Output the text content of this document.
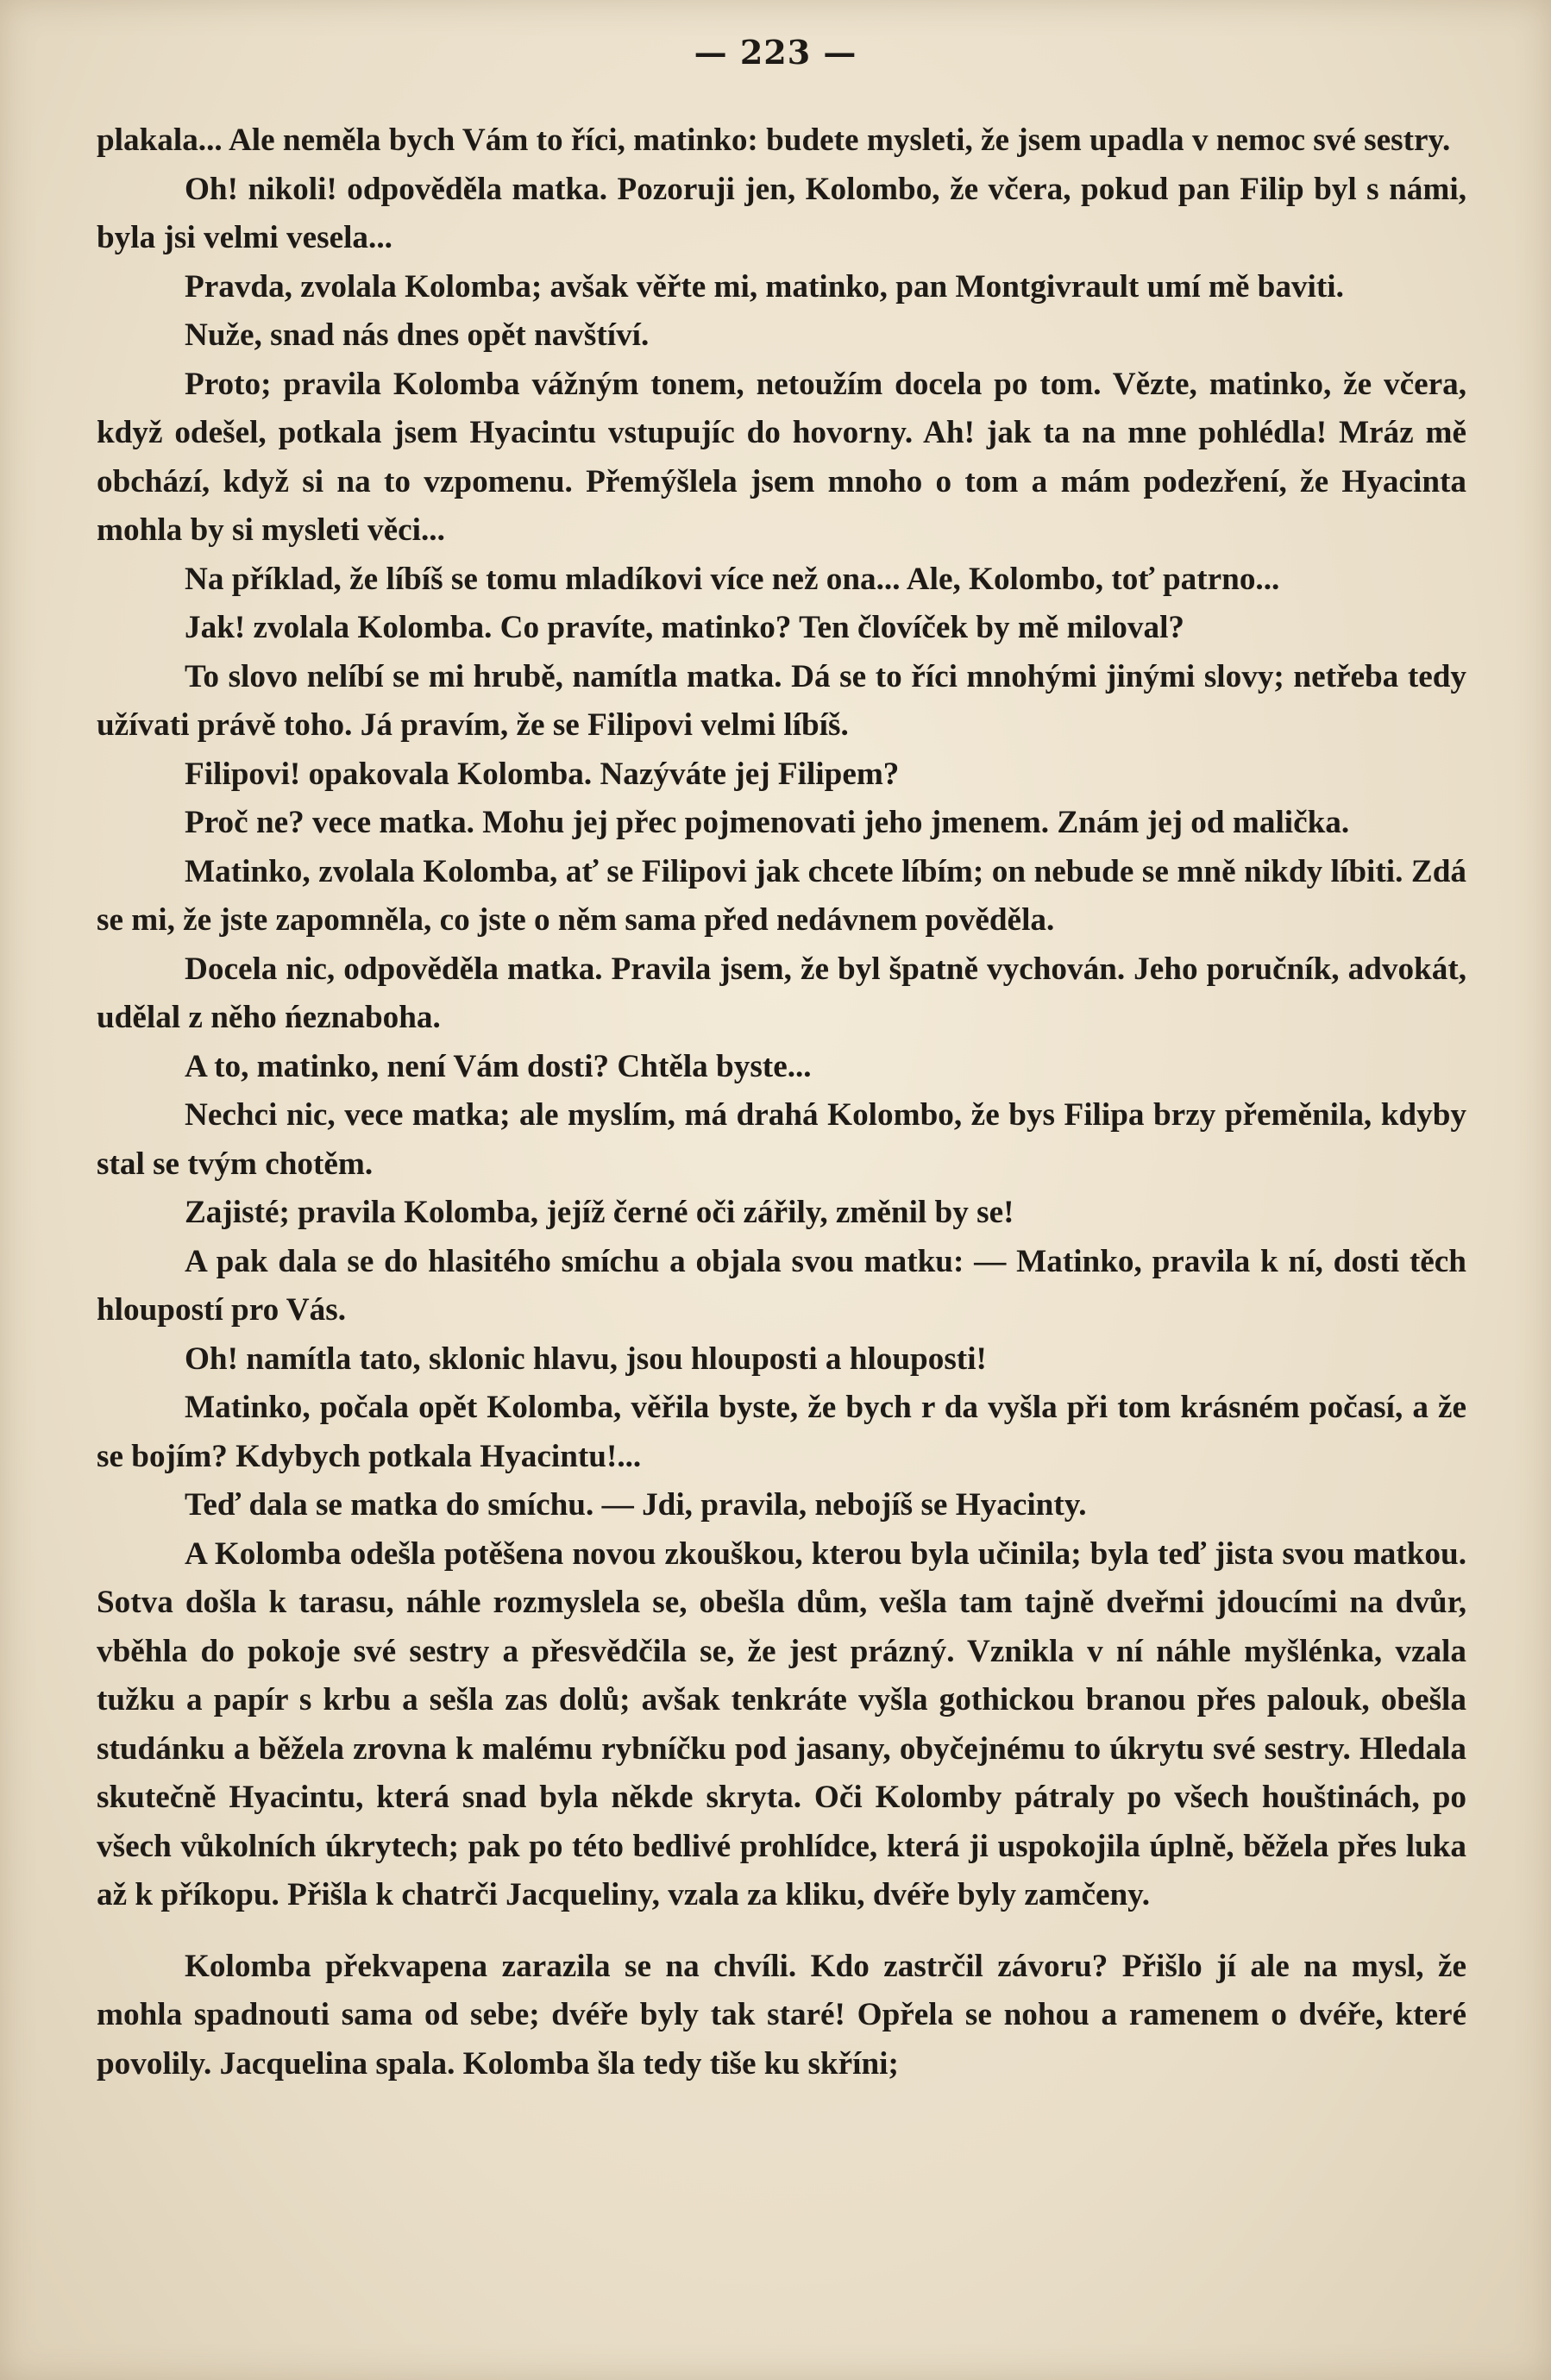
— 223 —

plakala... Ale neměla bych Vám to říci, matinko: budete mysleti, že jsem upadla v nemoc své sestry.

Oh! nikoli! odpověděla matka. Pozoruji jen, Kolombo, že včera, pokud pan Filip byl s námi, byla jsi velmi vesela...

Pravda, zvolala Kolomba; avšak věřte mi, matinko, pan Montgivrault umí mě baviti.

Nuže, snad nás dnes opět navštíví.

Proto; pravila Kolomba vážným tonem, netoužím docela po tom. Vězte, matinko, že včera, když odešel, potkala jsem Hyacintu vstupujíc do hovorny. Ah! jak ta na mne pohlédla! Mráz mě obchází, když si na to vzpomenu. Přemýšlela jsem mnoho o tom a mám podezření, že Hyacinta mohla by si mysleti věci...

Na příklad, že líbíš se tomu mladíkovi více než ona... Ale, Kolombo, toť patrno...

Jak! zvolala Kolomba. Co pravíte, matinko? Ten človíček by mě miloval?

To slovo nelíbí se mi hrubě, namítla matka. Dá se to říci mnohými jinými slovy; netřeba tedy užívati právě toho. Já pravím, že se Filipovi velmi líbíš.

Filipovi! opakovala Kolomba. Nazýváte jej Filipem?

Proč ne? vece matka. Mohu jej přec pojmenovati jeho jmenem. Znám jej od malička.

Matinko, zvolala Kolomba, ať se Filipovi jak chcete líbím; on nebude se mně nikdy líbiti. Zdá se mi, že jste zapomněla, co jste o něm sama před nedávnem pověděla.

Docela nic, odpověděla matka. Pravila jsem, že byl špatně vychován. Jeho poručník, advokát, udělal z něho ńeznaboha.

A to, matinko, není Vám dosti? Chtěla byste...

Nechci nic, vece matka; ale myslím, má drahá Kolombo, že bys Filipa brzy přeměnila, kdyby stal se tvým chotěm.

Zajisté; pravila Kolomba, jejíž černé oči zářily, změnil by se!

A pak dala se do hlasitého smíchu a objala svou matku: — Matinko, pravila k ní, dosti těch hloupostí pro Vás.

Oh! namítla tato, sklonic hlavu, jsou hlouposti a hlouposti!

Matinko, počala opět Kolomba, věřila byste, že bych r da vyšla při tom krásném počasí, a že se bojím? Kdybych potkala Hyacintu!...

Teď dala se matka do smíchu. — Jdi, pravila, nebojíš se Hyacinty.

A Kolomba odešla potěšena novou zkouškou, kterou byla učinila; byla teď jista svou matkou. Sotva došla k tarasu, náhle rozmyslela se, obešla dům, vešla tam tajně dveřmi jdoucími na dvůr, vběhla do pokoje své sestry a přesvědčila se, že jest prázný. Vznikla v ní náhle myšlénka, vzala tužku a papír s krbu a sešla zas dolů; avšak tenkráte vyšla gothickou branou přes palouk, obešla studánku a běžela zrovna k malému rybníčku pod jasany, obyčejnému to úkrytu své sestry. Hledala skutečně Hyacintu, která snad byla někde skryta. Oči Kolomby pátraly po všech houštinách, po všech vůkolních úkrytech; pak po této bedlivé prohlídce, která ji uspokojila úplně, běžela přes luka až k příkopu. Přišla k chatrči Jacqueliny, vzala za kliku, dvéře byly zamčeny.

Kolomba překvapena zarazila se na chvíli. Kdo zastrčil závoru? Přišlo jí ale na mysl, že mohla spadnouti sama od sebe; dvéře byly tak staré! Opřela se nohou a ramenem o dvéře, které povolily. Jacquelina spala. Kolomba šla tedy tiše ku skříni;
